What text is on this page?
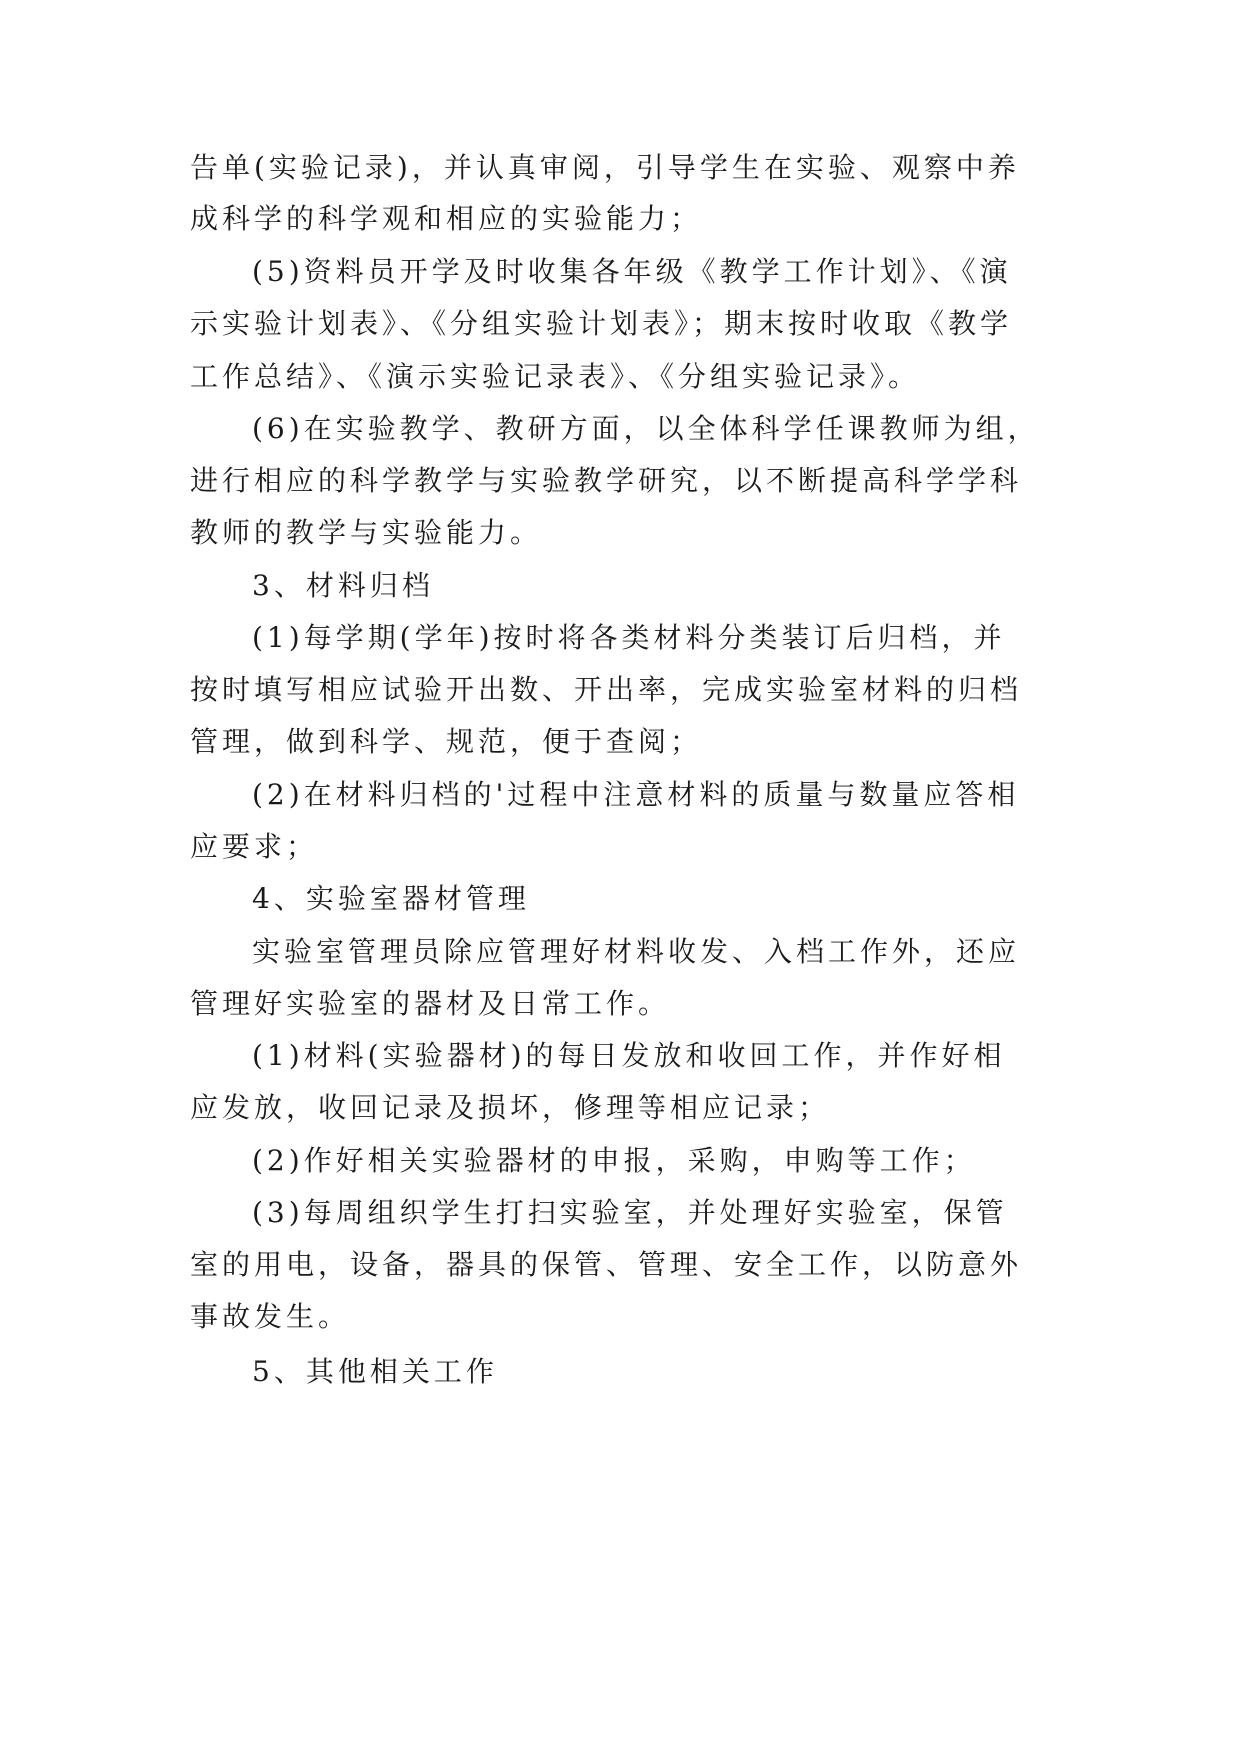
告单(实验记录)，并认真审阅，引导学生在实验、观察中养
成科学的科学观和相应的实验能力；
(5)资料员开学及时收集各年级《教学工作计划》、《演
示实验计划表》、《分组实验计划表》；期末按时收取《教学
工作总结》、《演示实验记录表》、《分组实验记录》。
(6)在实验教学、教研方面，以全体科学任课教师为组，
进行相应的科学教学与实验教学研究，以不断提高科学学科
教师的教学与实验能力。
3、材料归档
(1)每学期(学年)按时将各类材料分类装订后归档，并
按时填写相应试验开出数、开出率，完成实验室材料的归档
管理，做到科学、规范，便于查阅；
(2)在材料归档的'过程中注意材料的质量与数量应答相
应要求；
4、实验室器材管理
实验室管理员除应管理好材料收发、入档工作外，还应
管理好实验室的器材及日常工作。
(1)材料(实验器材)的每日发放和收回工作，并作好相
应发放，收回记录及损坏，修理等相应记录；
(2)作好相关实验器材的申报，采购，申购等工作；
(3)每周组织学生打扫实验室，并处理好实验室，保管
室的用电，设备，器具的保管、管理、安全工作，以防意外
事故发生。
5、其他相关工作
